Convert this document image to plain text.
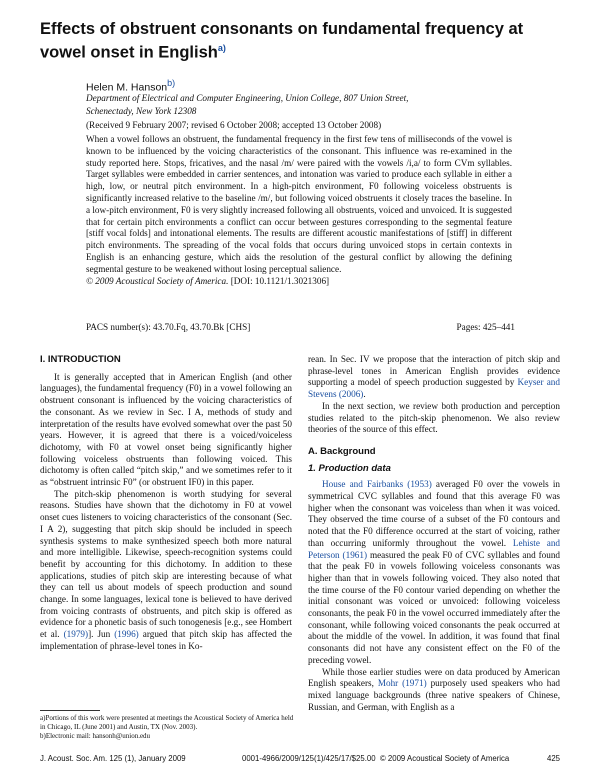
Effects of obstruent consonants on fundamental frequency at vowel onset in English$^{a)}$
Helen M. Hanson$^{b)}$
Department of Electrical and Computer Engineering, Union College, 807 Union Street,
Schenectady, New York 12308
(Received 9 February 2007; revised 6 October 2008; accepted 13 October 2008)
When a vowel follows an obstruent, the fundamental frequency in the first few tens of milliseconds of the vowel is known to be influenced by the voicing characteristics of the consonant. This influence was re-examined in the study reported here. Stops, fricatives, and the nasal /m/ were paired with the vowels /i,a/ to form CVm syllables. Target syllables were embedded in carrier sentences, and intonation was varied to produce each syllable in either a high, low, or neutral pitch environment. In a high-pitch environment, F0 following voiceless obstruents is significantly increased relative to the baseline /m/, but following voiced obstruents it closely traces the baseline. In a low-pitch environment, F0 is very slightly increased following all obstruents, voiced and unvoiced. It is suggested that for certain pitch environments a conflict can occur between gestures corresponding to the segmental feature [stiff vocal folds] and intonational elements. The results are different acoustic manifestations of [stiff] in different pitch environments. The spreading of the vocal folds that occurs during unvoiced stops in certain contexts in English is an enhancing gesture, which aids the resolution of the gestural conflict by allowing the defining segmental gesture to be weakened without losing perceptual salience.
© 2009 Acoustical Society of America. [DOI: 10.1121/1.3021306]
PACS number(s): 43.70.Fq, 43.70.Bk [CHS]	Pages: 425–441
I. INTRODUCTION

It is generally accepted that in American English (and other languages), the fundamental frequency (F0) in a vowel following an obstruent consonant is influenced by the voicing characteristics of the consonant. As we review in Sec. I A, methods of study and interpretation of the results have evolved somewhat over the past 50 years. However, it is agreed that there is a voiced/voiceless dichotomy, with F0 at vowel onset being significantly higher following voiceless obstruents than following voiced. This dichotomy is often called “pitch skip,” and we sometimes refer to it as “obstruent intrinsic F0” (or obstruent IF0) in this paper.

The pitch-skip phenomenon is worth studying for several reasons. Studies have shown that the dichotomy in F0 at vowel onset cues listeners to voicing characteristics of the consonant (Sec. I A 2), suggesting that pitch skip should be included in speech synthesis systems to make synthesized speech both more natural and more intelligible. Likewise, speech-recognition systems could benefit by accounting for this dichotomy. In addition to these applications, studies of pitch skip are interesting because of what they can tell us about models of speech production and sound change. In some languages, lexical tone is believed to have derived from voicing contrasts of obstruents, and pitch skip is offered as evidence for a phonetic basis of such tonogenesis [e.g., see Hombert et al. (1979)]. Jun (1996) argued that pitch skip has affected the implementation of phrase-level tones in Ko-

a)Portions of this work were presented at meetings the Acoustical Society of America held in Chicago, IL (June 2001) and Austin, TX (Nov. 2003).
b)Electronic mail: hansonh@union.edu

rean. In Sec. IV we propose that the interaction of pitch skip and phrase-level tones in American English provides evidence supporting a model of speech production suggested by Keyser and Stevens (2006).

In the next section, we review both production and perception studies related to the pitch-skip phenomenon. We also review theories of the source of this effect.

A. Background
1. Production data

House and Fairbanks (1953) averaged F0 over the vowels in symmetrical CVC syllables and found that this average F0 was higher when the consonant was voiceless than when it was voiced. They observed the time course of a subset of the F0 contours and noted that the F0 difference occurred at the start of voicing, rather than occurring uniformly throughout the vowel. Lehiste and Peterson (1961) measured the peak F0 of CVC syllables and found that the peak F0 in vowels following voiceless consonants was higher than that in vowels following voiced. They also noted that the time course of the F0 contour varied depending on whether the initial consonant was voiced or unvoiced: following voiceless consonants, the peak F0 in the vowel occurred immediately after the consonant, while following voiced consonants the peak occurred at about the middle of the vowel. In addition, it was found that final consonants did not have any consistent effect on the F0 of the preceding vowel.

While those earlier studies were on data produced by American English speakers, Mohr (1971) purposely used speakers who had mixed language backgrounds (three native speakers of Chinese, Russian, and German, with English as a

J. Acoust. Soc. Am. 125 (1), January 2009	0001-4966/2009/125(1)/425/17/$25.00 © 2009 Acoustical Society of America	425
